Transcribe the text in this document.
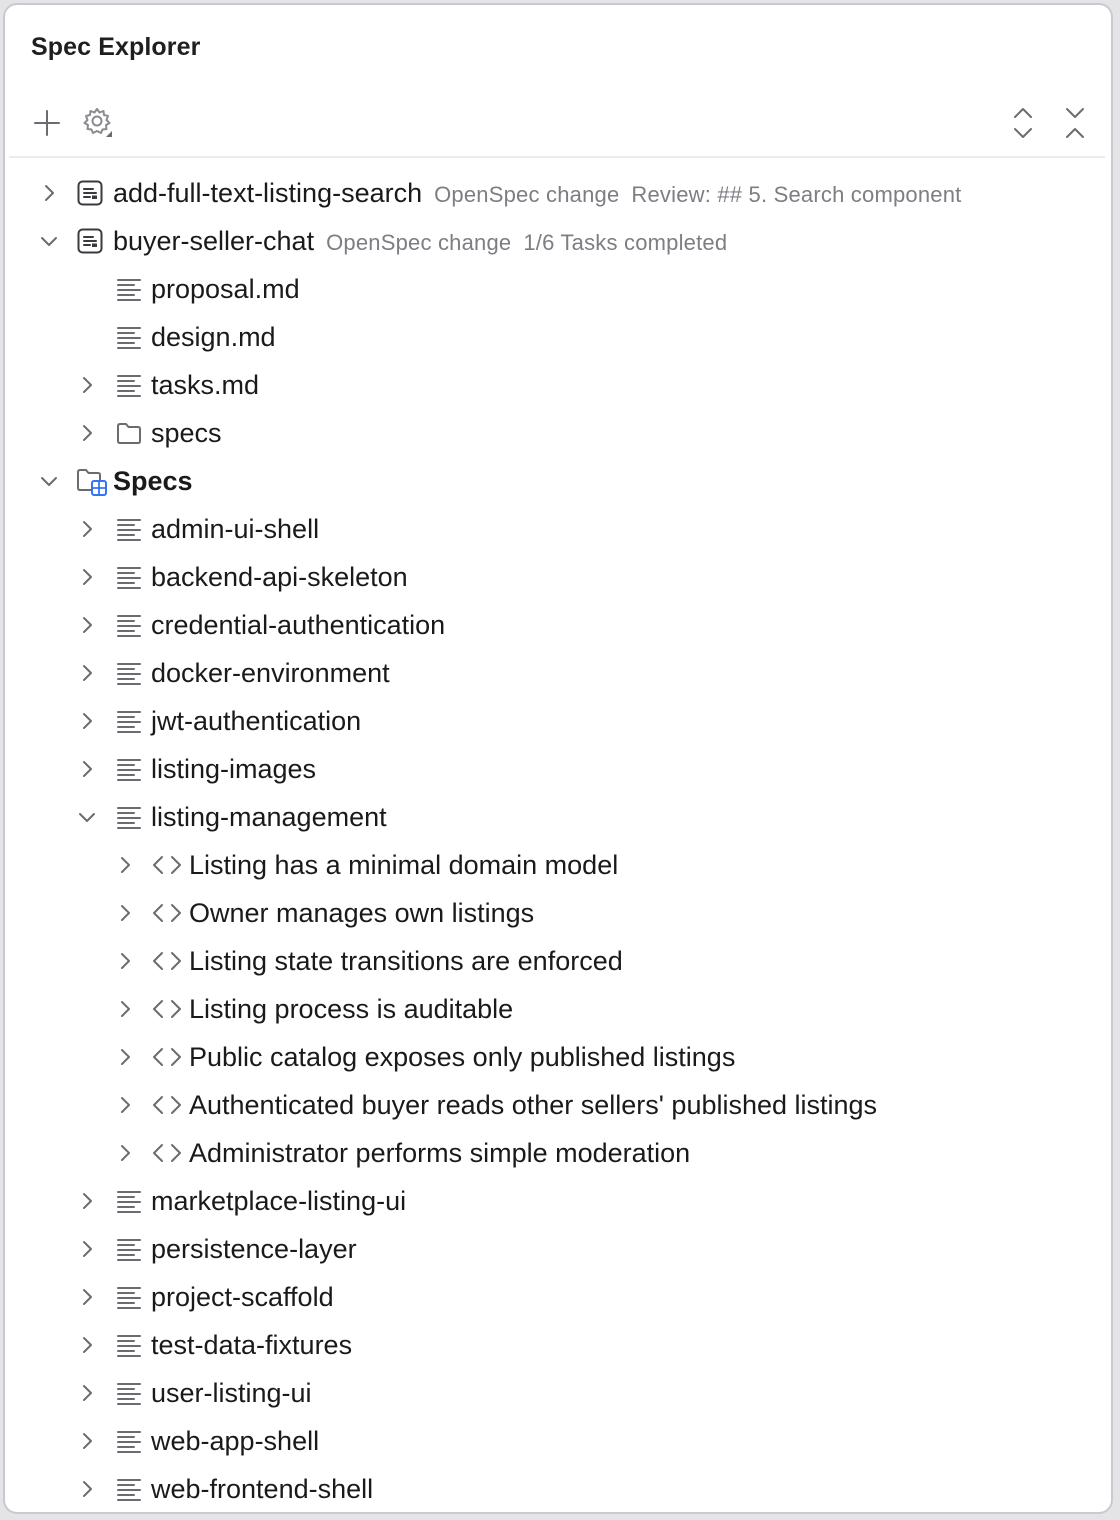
Spec Explorer
add-full-text-listing-search OpenSpec change Review: ## 5. Search component
buyer-seller-chat OpenSpec change 1/6 Tasks completed
proposal.md
design.md
tasks.md
specs
Specs
admin-ui-shell
backend-api-skeleton
credential-authentication
docker-environment
jwt-authentication
listing-images
listing-management
Listing has a minimal domain model
Owner manages own listings
Listing state transitions are enforced
Listing process is auditable
Public catalog exposes only published listings
Authenticated buyer reads other sellers' published listings
Administrator performs simple moderation
marketplace-listing-ui
persistence-layer
project-scaffold
test-data-fixtures
user-listing-ui
web-app-shell
web-frontend-shell
